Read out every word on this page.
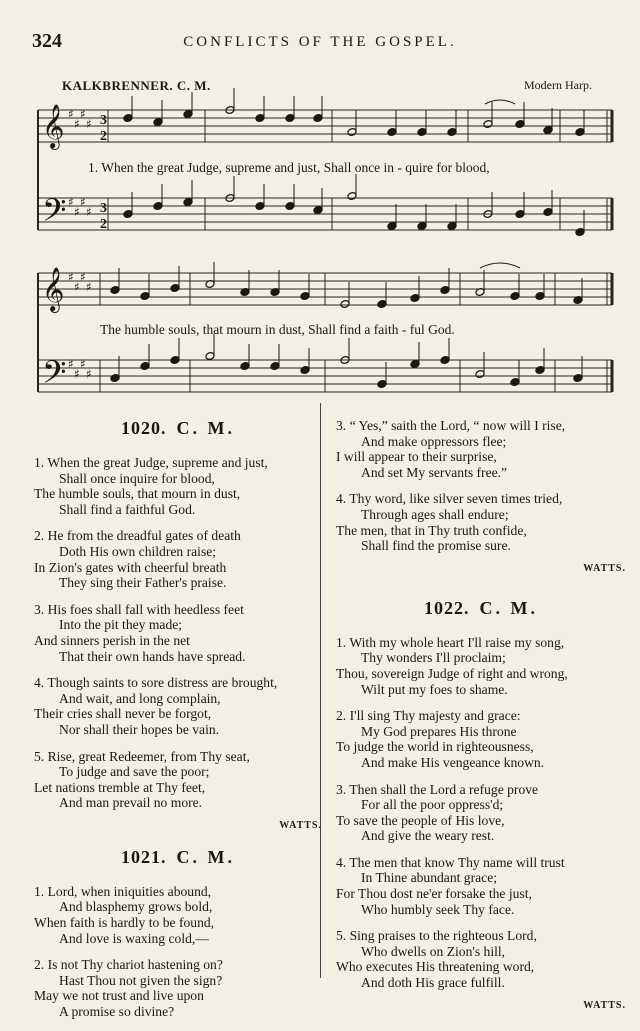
324	CONFLICTS OF THE GOSPEL.
KALKBRENNER. C. M.	Modern Harp.
𝄞 ♯
♯
♯
♯ 3
2
𝄢 ♯
♯
♯
♯ 3
2
𝄞 ♯
♯
♯
♯
𝄢 ♯
♯
♯
♯
1. When the great Judge, supreme and just, Shall once in - quire for blood,
The humble souls, that mourn in dust, Shall find a faith - ful God.
1020. C. M.
1. When the great Judge, supreme and just,
Shall once inquire for blood,
The humble souls, that mourn in dust,
Shall find a faithful God.
2. He from the dreadful gates of death
Doth His own children raise;
In Zion's gates with cheerful breath
They sing their Father's praise.
3. His foes shall fall with heedless feet
Into the pit they made;
And sinners perish in the net
That their own hands have spread.
4. Though saints to sore distress are brought,
And wait, and long complain,
Their cries shall never be forgot,
Nor shall their hopes be vain.
5. Rise, great Redeemer, from Thy seat,
To judge and save the poor;
Let nations tremble at Thy feet,
And man prevail no more.
WATTS.
1021. C. M.
1. Lord, when iniquities abound,
And blasphemy grows bold,
When faith is hardly to be found,
And love is waxing cold,—
2. Is not Thy chariot hastening on?
Hast Thou not given the sign?
May we not trust and live upon
A promise so divine?
3. “ Yes,” saith the Lord, “ now will I rise,
And make oppressors flee;
I will appear to their surprise,
And set My servants free.”
4. Thy word, like silver seven times tried,
Through ages shall endure;
The men, that in Thy truth confide,
Shall find the promise sure.
WATTS.
1022. C. M.
1. With my whole heart I'll raise my song,
Thy wonders I'll proclaim;
Thou, sovereign Judge of right and wrong,
Wilt put my foes to shame.
2. I'll sing Thy majesty and grace:
My God prepares His throne
To judge the world in righteousness,
And make His vengeance known.
3. Then shall the Lord a refuge prove
For all the poor oppress'd;
To save the people of His love,
And give the weary rest.
4. The men that know Thy name will trust
In Thine abundant grace;
For Thou dost ne'er forsake the just,
Who humbly seek Thy face.
5. Sing praises to the righteous Lord,
Who dwells on Zion's hill,
Who executes His threatening word,
And doth His grace fulfill.
WATTS.
